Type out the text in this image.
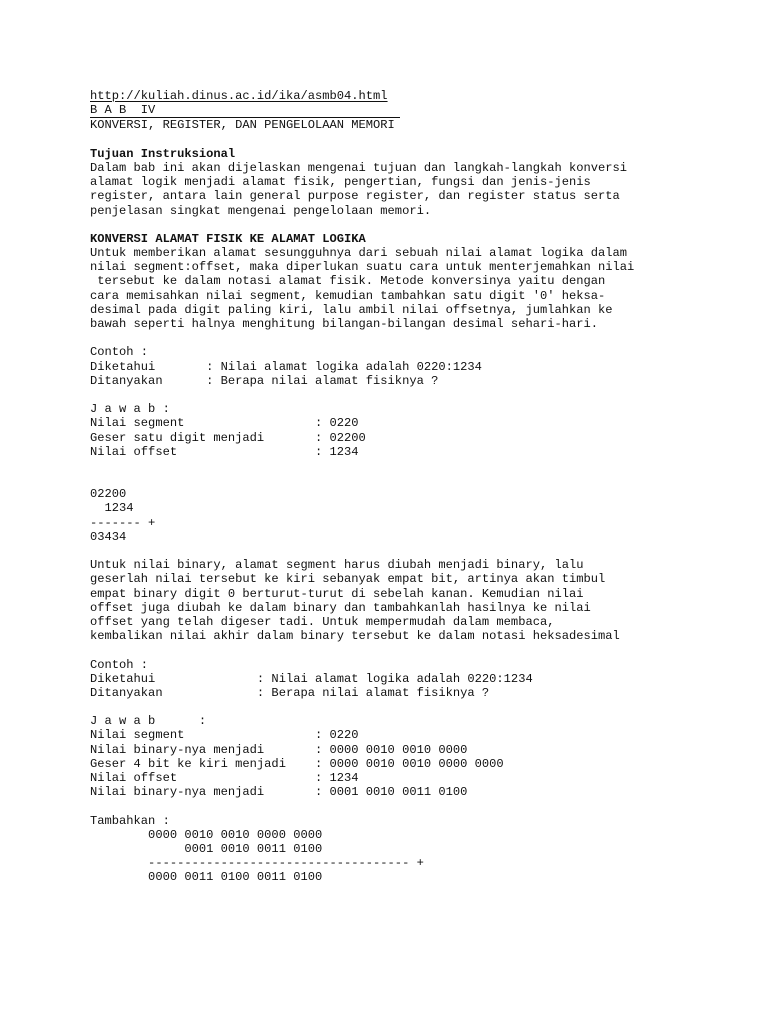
http://kuliah.dinus.ac.id/ika/asmb04.html
B A B  IV
KONVERSI, REGISTER, DAN PENGELOLAAN MEMORI
Tujuan Instruksional
Dalam bab ini akan dijelaskan mengenai tujuan dan langkah-langkah konversi
alamat logik menjadi alamat fisik, pengertian, fungsi dan jenis-jenis
register, antara lain general purpose register, dan register status serta
penjelasan singkat mengenai pengelolaan memori.
KONVERSI ALAMAT FISIK KE ALAMAT LOGIKA
Untuk memberikan alamat sesungguhnya dari sebuah nilai alamat logika dalam
nilai segment:offset, maka diperlukan suatu cara untuk menterjemahkan nilai
tersebut ke dalam notasi alamat fisik. Metode konversinya yaitu dengan
cara memisahkan nilai segment, kemudian tambahkan satu digit '0' heksa-
desimal pada digit paling kiri, lalu ambil nilai offsetnya, jumlahkan ke
bawah seperti halnya menghitung bilangan-bilangan desimal sehari-hari.
Contoh :
Diketahui       : Nilai alamat logika adalah 0220:1234
Ditanyakan      : Berapa nilai alamat fisiknya ?
J a w a b :
Nilai segment                  : 0220
Geser satu digit menjadi       : 02200
Nilai offset                   : 1234
02200
1234
------- +
03434
Untuk nilai binary, alamat segment harus diubah menjadi binary, lalu
geserlah nilai tersebut ke kiri sebanyak empat bit, artinya akan timbul
empat binary digit 0 berturut-turut di sebelah kanan. Kemudian nilai
offset juga diubah ke dalam binary dan tambahkanlah hasilnya ke nilai
offset yang telah digeser tadi. Untuk mempermudah dalam membaca,
kembalikan nilai akhir dalam binary tersebut ke dalam notasi heksadesimal
Contoh :
Diketahui              : Nilai alamat logika adalah 0220:1234
Ditanyakan             : Berapa nilai alamat fisiknya ?
J a w a b      :
Nilai segment                  : 0220
Nilai binary-nya menjadi       : 0000 0010 0010 0000
Geser 4 bit ke kiri menjadi    : 0000 0010 0010 0000 0000
Nilai offset                   : 1234
Nilai binary-nya menjadi       : 0001 0010 0011 0100
Tambahkan :
0000 0010 0010 0000 0000
0001 0010 0011 0100
------------------------------------ +
0000 0011 0100 0011 0100
